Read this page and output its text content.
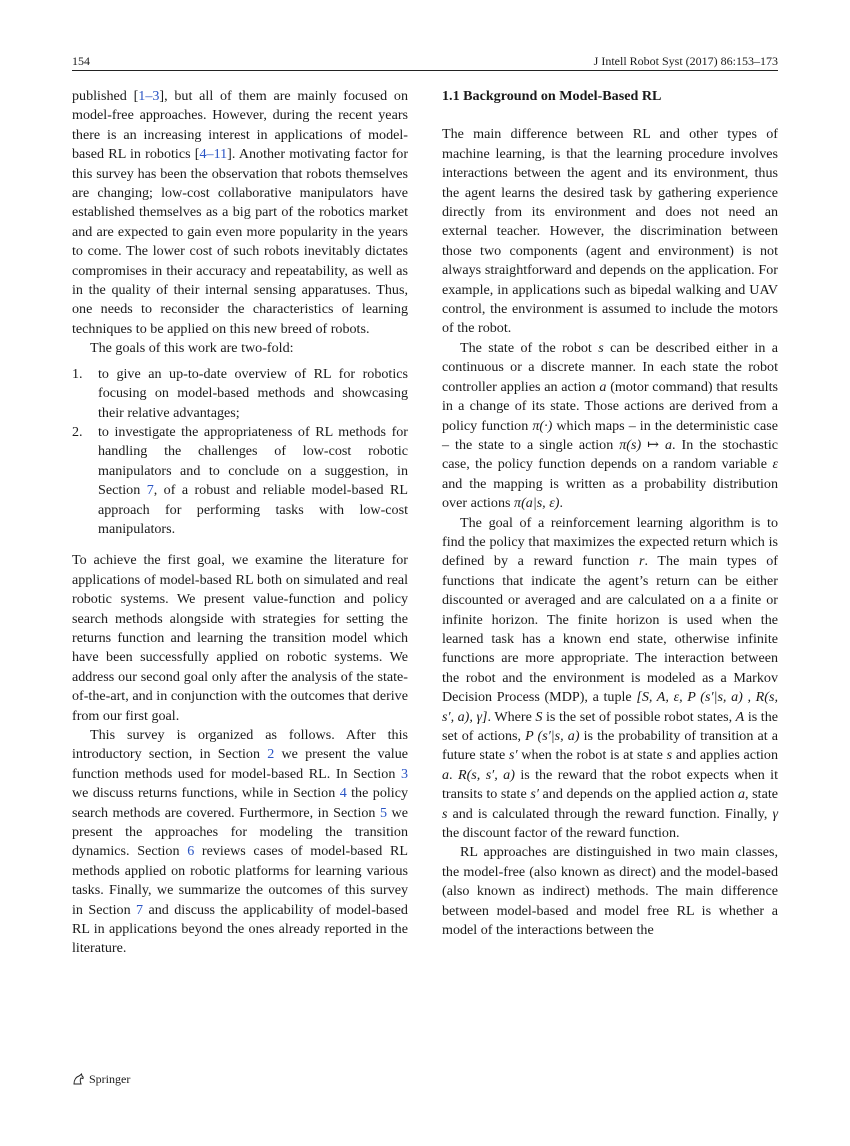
154	J Intell Robot Syst (2017) 86:153–173

published [1–3], but all of them are mainly focused on model-free approaches. However, during the recent years there is an increasing interest in applications of model-based RL in robotics [4–11]. Another motivating factor for this survey has been the observation that robots themselves are changing; low-cost collaborative manipulators have established themselves as a big part of the robotics market and are expected to gain even more popularity in the years to come. The lower cost of such robots inevitably dictates compromises in their accuracy and repeatability, as well as in the quality of their internal sensing apparatuses. Thus, one needs to reconsider the characteristics of learning techniques to be applied on this new breed of robots.

The goals of this work are two-fold:

1. to give an up-to-date overview of RL for robotics focusing on model-based methods and showcasing their relative advantages;
2. to investigate the appropriateness of RL methods for handling the challenges of low-cost robotic manipulators and to conclude on a suggestion, in Section 7, of a robust and reliable model-based RL approach for performing tasks with low-cost manipulators.

To achieve the first goal, we examine the literature for applications of model-based RL both on simulated and real robotic systems. We present value-function and policy search methods alongside with strategies for setting the returns function and learning the transition model which have been successfully applied on robotic systems. We address our second goal only after the analysis of the state-of-the-art, and in conjunction with the outcomes that derive from our first goal.

This survey is organized as follows. After this introductory section, in Section 2 we present the value function methods used for model-based RL. In Section 3 we discuss returns functions, while in Section 4 the policy search methods are covered. Furthermore, in Section 5 we present the approaches for modeling the transition dynamics. Section 6 reviews cases of model-based RL methods applied on robotic platforms for learning various tasks. Finally, we summarize the outcomes of this survey in Section 7 and discuss the applicability of model-based RL in applications beyond the ones already reported in the literature.

1.1 Background on Model-Based RL

The main difference between RL and other types of machine learning, is that the learning procedure involves interactions between the agent and its environment, thus the agent learns the desired task by gathering experience directly from its environment and does not need an external teacher. However, the discrimination between those two components (agent and environment) is not always straightforward and depends on the application. For example, in applications such as bipedal walking and UAV control, the environment is assumed to include the motors of the robot.

The state of the robot s can be described either in a continuous or a discrete manner. In each state the robot controller applies an action a (motor command) that results in a change of its state. Those actions are derived from a policy function π(·) which maps – in the deterministic case – the state to a single action π(s) ↦ a. In the stochastic case, the policy function depends on a random variable ε and the mapping is written as a probability distribution over actions π(a|s, ε).

The goal of a reinforcement learning algorithm is to find the policy that maximizes the expected return which is defined by a reward function r. The main types of functions that indicate the agent’s return can be either discounted or averaged and are calculated on a a finite or infinite horizon. The finite horizon is used when the learned task has a known end state, otherwise infinite functions are more appropriate. The interaction between the robot and the environment is modeled as a Markov Decision Process (MDP), a tuple [S, A, ε, P (s′|s, a) , R(s, s′, a), γ]. Where S is the set of possible robot states, A is the set of actions, P (s′|s, a) is the probability of transition at a future state s′ when the robot is at state s and applies action a. R(s, s′, a) is the reward that the robot expects when it transits to state s′ and depends on the applied action a, state s and is calculated through the reward function. Finally, γ the discount factor of the reward function.

RL approaches are distinguished in two main classes, the model-free (also known as direct) and the model-based (also known as indirect) methods. The main difference between model-based and model free RL is whether a model of the interactions between the

Springer
